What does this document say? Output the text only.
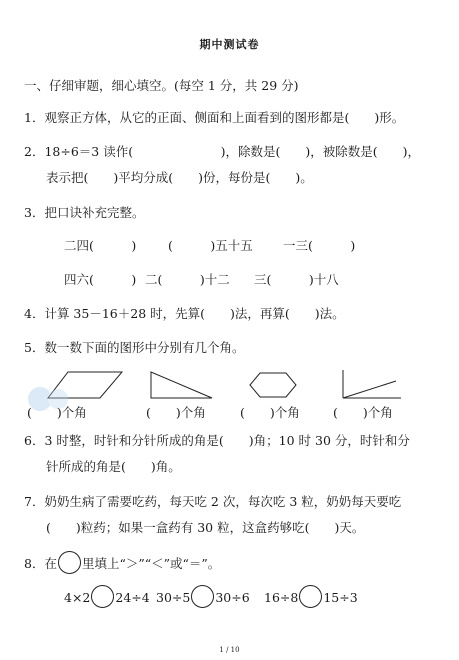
期中测试卷
一、仔细审题，细心填空。(每空 1 分，共 29 分)
1．观察正方体，从它的正面、侧面和上面看到的图形都是(　　)形。
2．18÷6＝3 读作(　　　　　　　)，除数是(　　)，被除数是(　　)，
表示把(　　)平均分成(　　)份，每份是(　　)。
3．把口诀补充完整。
二四(　　　)	(　　　)五十五 一三(　　　)
四六(　　　) 二(　　　)十二 三(　　　)十八
4．计算 35－16＋28 时，先算(　　)法，再算(　　)法。
5．数一数下面的图形中分别有几个角。
(　　)个角	(　　)个角	(　　)个角	(　　)个角
6．3 时整，时针和分针所成的角是(　　)角；10 时 30 分，时针和分
针所成的角是(　　)角。
7．奶奶生病了需要吃药，每天吃 2 次，每次吃 3 粒，奶奶每天要吃
(　　)粒药；如果一盒药有 30 粒，这盒药够吃(　　)天。
8．在 里填上“＞”“＜”或“＝”。
4×2 24÷4 30÷5 30÷6 16÷8 15÷3
1 / 10
